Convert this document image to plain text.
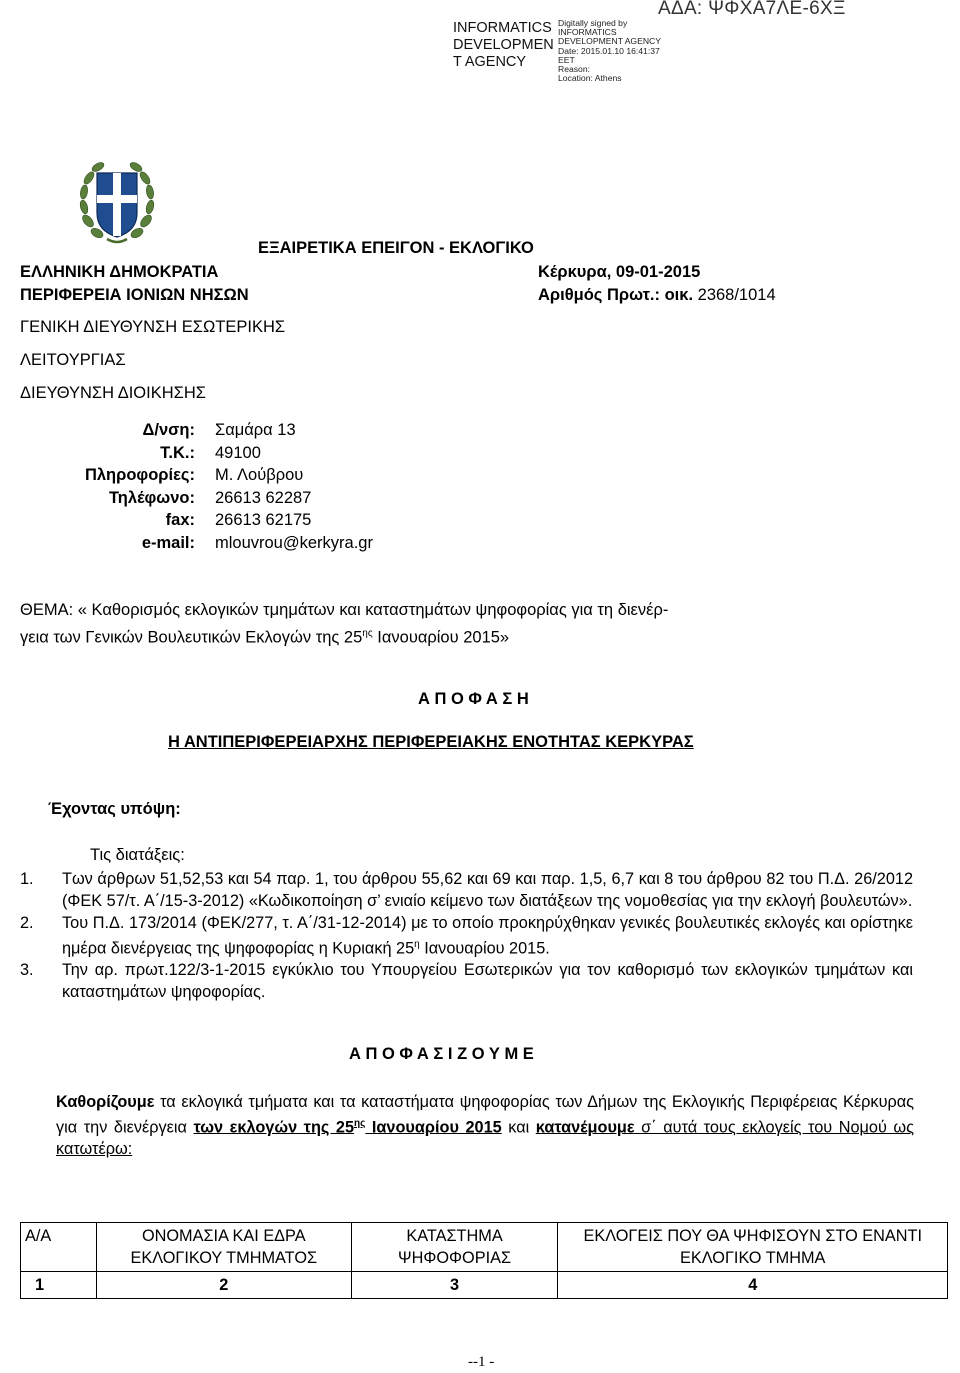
INFORMATICS DEVELOPMEN T AGENCY
Digitally signed by
INFORMATICS
DEVELOPMENT AGENCY
Date: 2015.01.10 16:41:37
EET
Reason:
Location: Athens
ΑΔΑ: ΨΦΧΑ7ΛΕ-6ΧΞ
ΕΞΑΙΡΕΤΙΚΑ ΕΠΕΙΓΟΝ - ΕΚΛΟΓΙΚΟ
ΕΛΛΗΝΙΚΗ ΔΗΜΟΚΡΑΤΙΑ
ΠΕΡΙΦΕΡΕΙΑ ΙΟΝΙΩΝ ΝΗΣΩΝ
ΓΕΝΙΚΗ ΔΙΕΥΘΥΝΣΗ ΕΣΩΤΕΡΙΚΗΣ
ΛΕΙΤΟΥΡΓΙΑΣ
ΔΙΕΥΘΥΝΣΗ ΔΙΟΙΚΗΣΗΣ
Κέρκυρα, 09-01-2015
Αριθμός Πρωτ.: οικ. 2368/1014
Δ/νση: Σαμάρα 13
Τ.Κ.: 49100
Πληροφορίες: Μ. Λούβρου
Τηλέφωνο: 26613 62287
fax: 26613 62175
e-mail: mlouvrou@kerkyra.gr
ΘΕΜΑ: « Καθορισμός εκλογικών τμημάτων και καταστημάτων ψηφοφορίας για τη διενέρ-
γεια των Γενικών Βουλευτικών Εκλογών της $25^{\eta\varsigma}$ Ιανουαρίου 2015»
Α Π Ο Φ Α Σ Η
Η ΑΝΤΙΠΕΡΙΦΕΡΕΙΑΡΧΗΣ ΠΕΡΙΦΕΡΕΙΑΚΗΣ ΕΝΟΤΗΤΑΣ ΚΕΡΚΥΡΑΣ
Έχοντας υπόψη:
Τις διατάξεις:
1. Των άρθρων 51,52,53 και 54 παρ. 1, του άρθρου 55,62 και 69 και παρ. 1,5, 6,7 και 8 του άρθρου 82 του Π.Δ. 26/2012 (ΦΕΚ 57/τ. Α΄/15-3-2012) «Κωδικοποίηση σ’ ενιαίο κείμενο των διατάξεων της νομοθεσίας για την εκλογή βουλευτών».
2. Του Π.Δ. 173/2014 (ΦΕΚ/277, τ. Α΄/31-12-2014) με το οποίο προκηρύχθηκαν γενικές βουλευτικές εκλογές και ορίστηκε ημέρα διενέργειας της ψηφοφορίας η Κυριακή $25^\eta$ Ιανουαρίου 2015.
3. Την αρ. πρωτ.122/3-1-2015 εγκύκλιο του Υπουργείου Εσωτερικών για τον καθορισμό των εκλογικών τμημάτων και καταστημάτων ψηφοφορίας.
Α Π Ο Φ Α Σ Ι Ζ Ο Υ Μ Ε
Καθορίζουμε τα εκλογικά τμήματα και τα καταστήματα ψηφοφορίας των Δήμων της Εκλογικής Περιφέρειας Κέρκυρας για την διενέργεια των εκλογών της $25^{\eta\varsigma}$ Ιανουαρίου 2015 και κατανέμουμε σ΄ αυτά τους εκλογείς του Νομού ως κατωτέρω:
Α/Α	ΟΝΟΜΑΣΙΑ ΚΑΙ ΕΔΡΑ ΕΚΛΟΓΙΚΟΥ ΤΜΗΜΑΤΟΣ	ΚΑΤΑΣΤΗΜΑ ΨΗΦΟΦΟΡΙΑΣ	ΕΚΛΟΓΕΙΣ ΠΟΥ ΘΑ ΨΗΦΙΣΟΥΝ ΣΤΟ ΕΝΑΝΤΙ ΕΚΛΟΓΙΚΟ ΤΜΗΜΑ
1	2	3	4
--1 -
